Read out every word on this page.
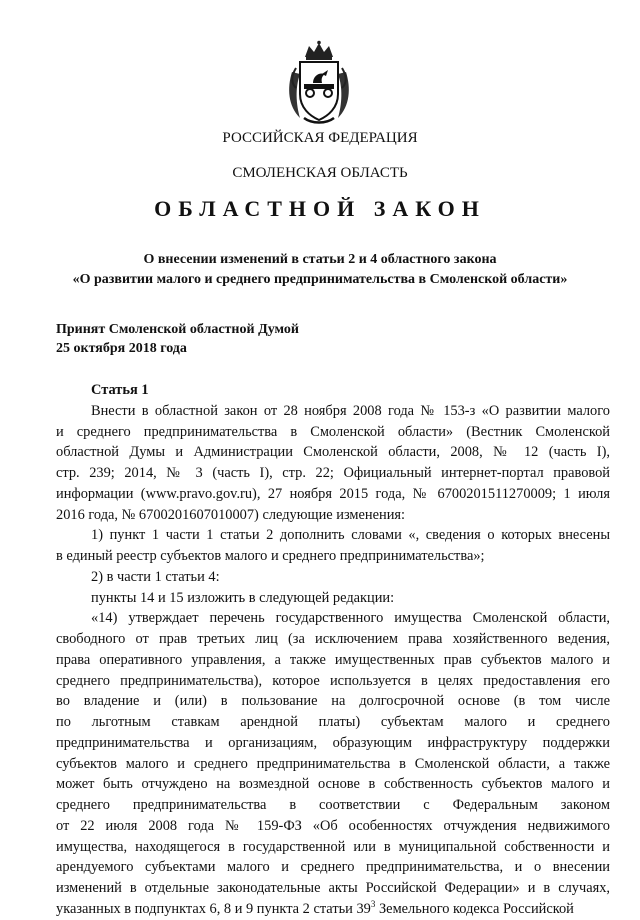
РОССИЙСКАЯ ФЕДЕРАЦИЯ
СМОЛЕНСКАЯ ОБЛАСТЬ
ОБЛАСТНОЙ ЗАКОН
О внесении изменений в статьи 2 и 4 областного закона
«О развитии малого и среднего предпринимательства в Смоленской области»
Принят Смоленской областной Думой
25 октября 2018 года
Статья 1
Внести в областной закон от 28 ноября 2008 года № 153-з «О развитии малого
и среднего предпринимательства в Смоленской области» (Вестник Смоленской
областной Думы и Администрации Смоленской области, 2008, № 12 (часть I),
стр. 239; 2014, № 3 (часть I), стр. 22; Официальный интернет-портал правовой
информации (www.pravo.gov.ru), 27 ноября 2015 года, № 6700201511270009; 1 июля
2016 года, № 6700201607010007) следующие изменения:
1) пункт 1 части 1 статьи 2 дополнить словами «, сведения о которых внесены
в единый реестр субъектов малого и среднего предпринимательства»;
2) в части 1 статьи 4:
пункты 14 и 15 изложить в следующей редакции:
«14) утверждает перечень государственного имущества Смоленской области,
свободного от прав третьих лиц (за исключением права хозяйственного ведения,
права оперативного управления, а также имущественных прав субъектов малого и
среднего предпринимательства), которое используется в целях предоставления его
во владение и (или) в пользование на долгосрочной основе (в том числе
по льготным ставкам арендной платы) субъектам малого и среднего
предпринимательства и организациям, образующим инфраструктуру поддержки
субъектов малого и среднего предпринимательства в Смоленской области, а также
может быть отчуждено на возмездной основе в собственность субъектов малого и
среднего предпринимательства в соответствии с Федеральным законом
от 22 июля 2008 года № 159-ФЗ «Об особенностях отчуждения недвижимого
имущества, находящегося в государственной или в муниципальной собственности и
арендуемого субъектами малого и среднего предпринимательства, и о внесении
изменений в отдельные законодательные акты Российской Федерации» и в случаях,
указанных в подпунктах 6, 8 и 9 пункта 2 статьи $39^3$ Земельного кодекса Российской
